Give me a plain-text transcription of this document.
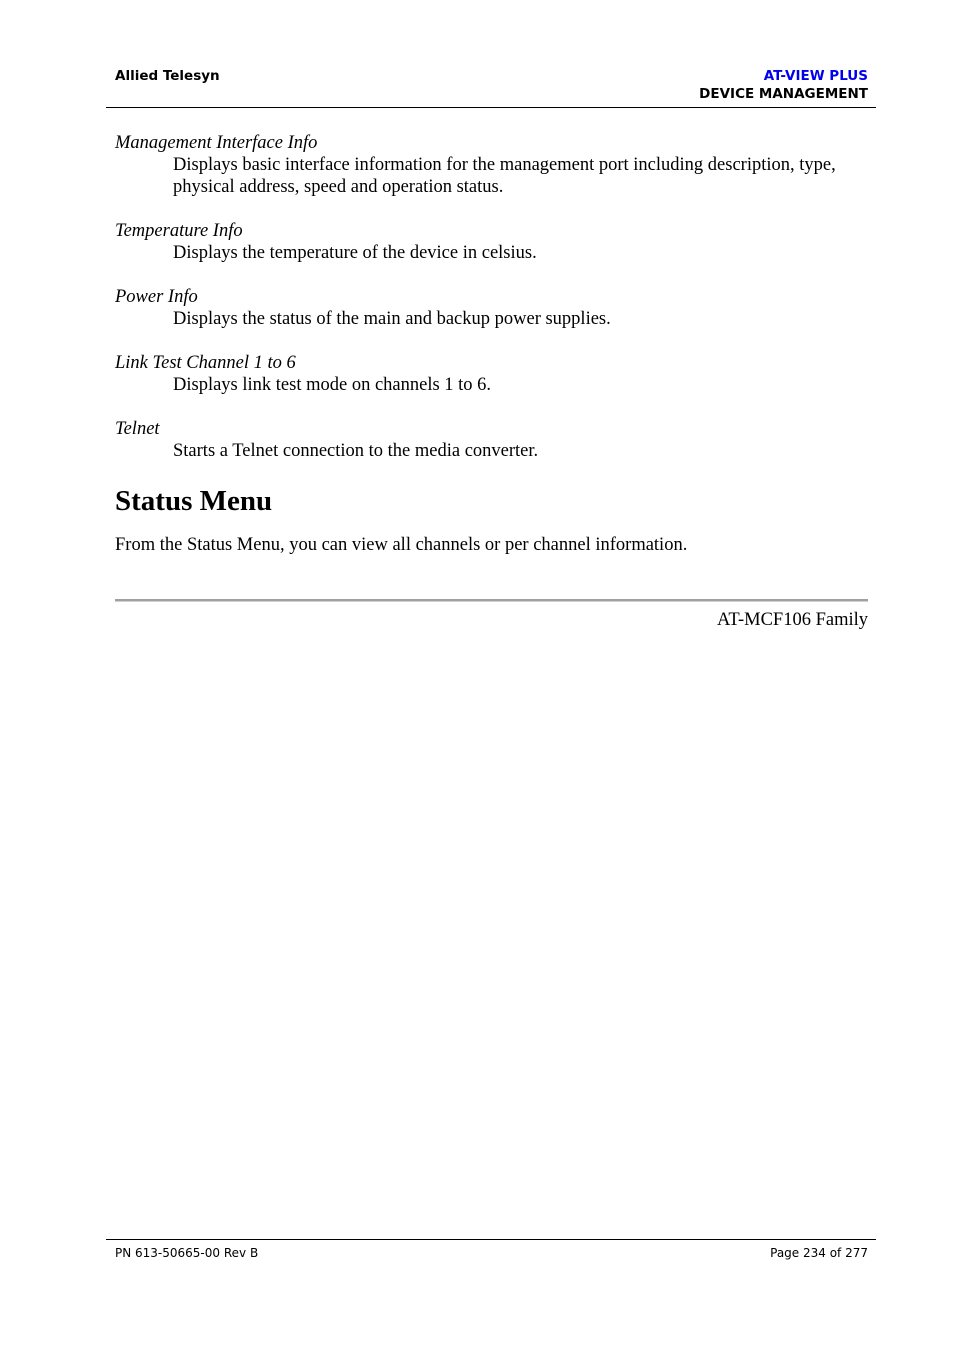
Allied Telesyn	AT-VIEW PLUS
DEVICE MANAGEMENT
Management Interface Info
Displays basic interface information for the management port including description, type,
physical address, speed and operation status.
Temperature Info
Displays the temperature of the device in celsius.
Power Info
Displays the status of the main and backup power supplies.
Link Test Channel 1 to 6
Displays link test mode on channels 1 to 6.
Telnet
Starts a Telnet connection to the media converter.
Status Menu

From the Status Menu, you can view all channels or per channel information.

AT-MCF106 Family
PN 613-50665-00 Rev B	Page 234 of 277
